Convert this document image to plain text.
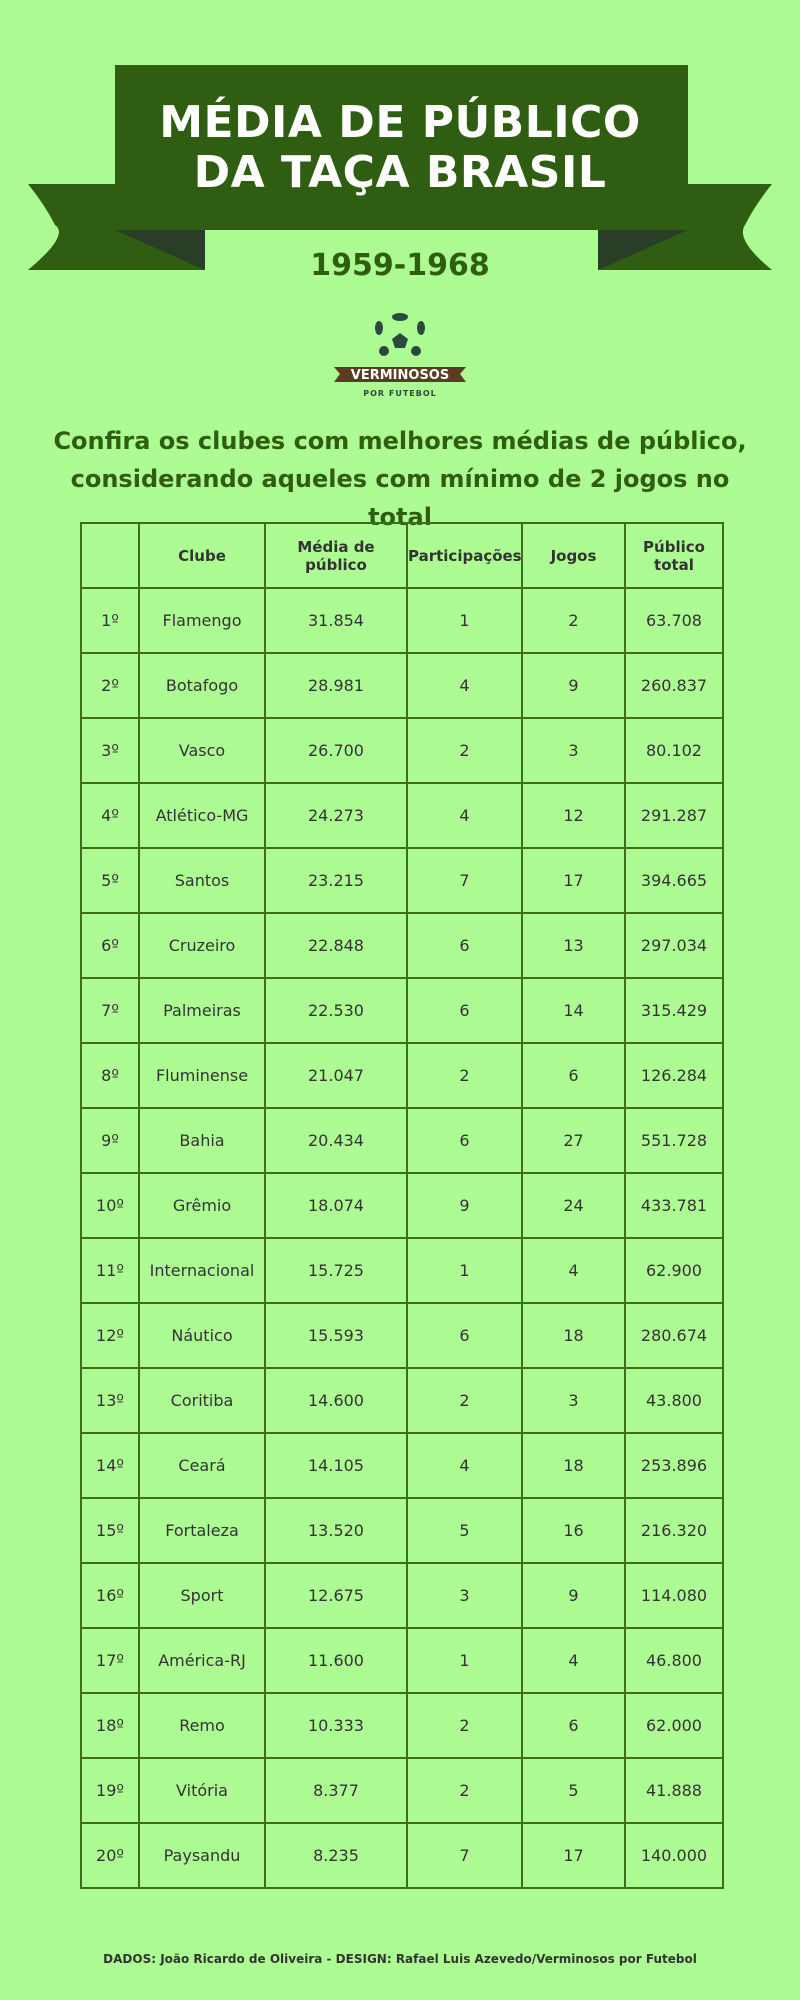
MÉDIA DE PÚBLICO
DA TAÇA BRASIL
1959-1968
VERMINOSOS
POR FUTEBOL
Confira os clubes com melhores médias de público,
considerando aqueles com mínimo de 2 jogos no total
	Clube	Média de público	Participações	Jogos	Público total
1º	Flamengo	31.854	1	2	63.708
2º	Botafogo	28.981	4	9	260.837
3º	Vasco	26.700	2	3	80.102
4º	Atlético-MG	24.273	4	12	291.287
5º	Santos	23.215	7	17	394.665
6º	Cruzeiro	22.848	6	13	297.034
7º	Palmeiras	22.530	6	14	315.429
8º	Fluminense	21.047	2	6	126.284
9º	Bahia	20.434	6	27	551.728
10º	Grêmio	18.074	9	24	433.781
11º	Internacional	15.725	1	4	62.900
12º	Náutico	15.593	6	18	280.674
13º	Coritiba	14.600	2	3	43.800
14º	Ceará	14.105	4	18	253.896
15º	Fortaleza	13.520	5	16	216.320
16º	Sport	12.675	3	9	114.080
17º	América-RJ	11.600	1	4	46.800
18º	Remo	10.333	2	6	62.000
19º	Vitória	8.377	2	5	41.888
20º	Paysandu	8.235	7	17	140.000
DADOS: João Ricardo de Oliveira - DESIGN: Rafael Luis Azevedo/Verminosos por Futebol
